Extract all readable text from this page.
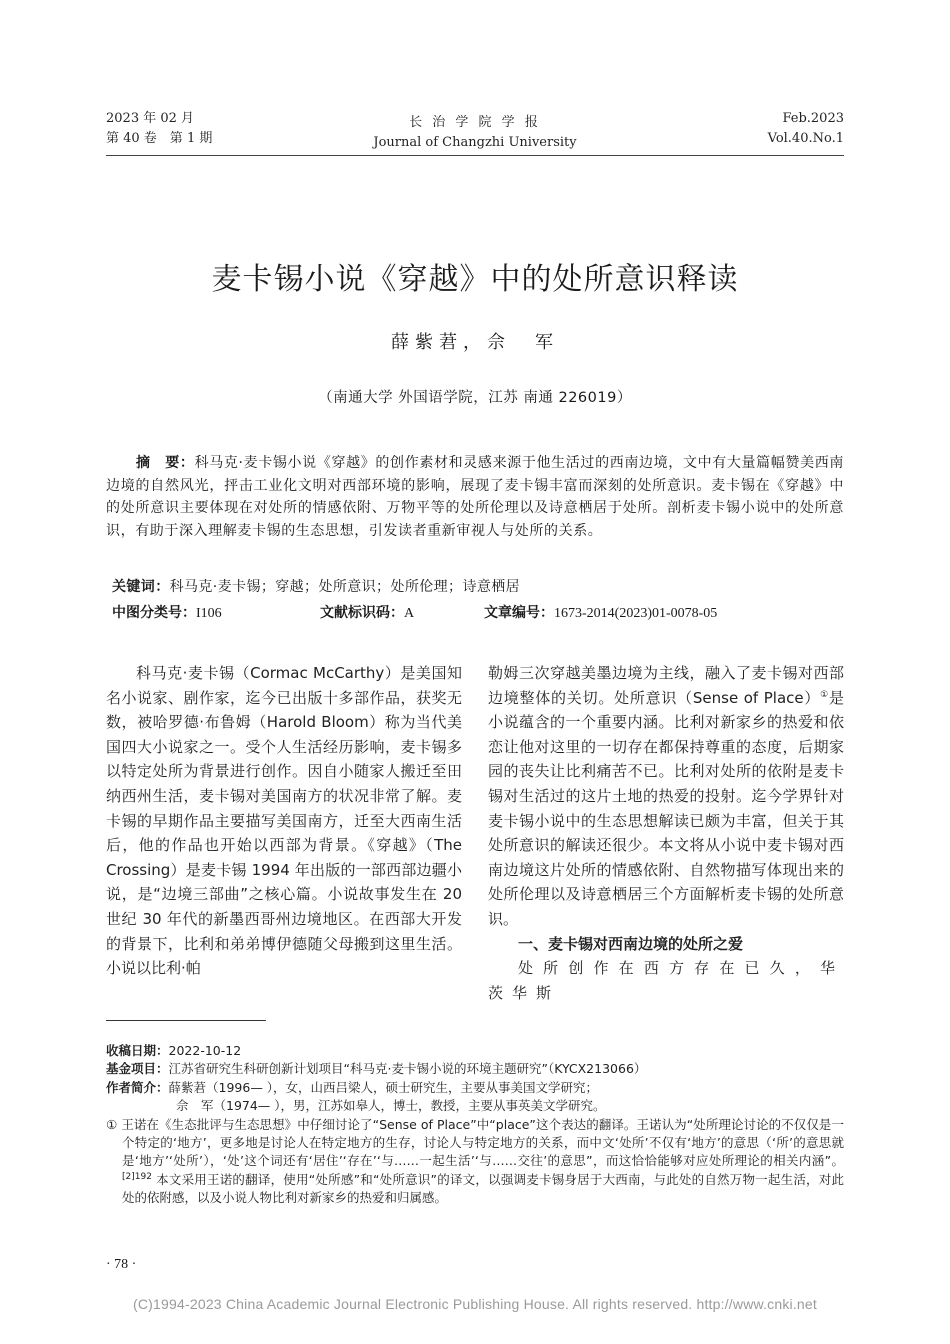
2023 年 02 月
第 40 卷　第 1 期
长 治 学 院 学 报
Journal of Changzhi University
Feb.2023
Vol.40.No.1
麦卡锡小说《穿越》中的处所意识释读
薛紫莙，佘　军
（南通大学 外国语学院，江苏 南通 226019）
摘　要：科马克·麦卡锡小说《穿越》的创作素材和灵感来源于他生活过的西南边境，文中有大量篇幅赞美西南边境的自然风光，抨击工业化文明对西部环境的影响，展现了麦卡锡丰富而深刻的处所意识。麦卡锡在《穿越》中的处所意识主要体现在对处所的情感依附、万物平等的处所伦理以及诗意栖居于处所。剖析麦卡锡小说中的处所意识，有助于深入理解麦卡锡的生态思想，引发读者重新审视人与处所的关系。
关键词：科马克·麦卡锡；穿越；处所意识；处所伦理；诗意栖居
中图分类号：I106	文献标识码：A	文章编号：1673-2014(2023)01-0078-05

科马克·麦卡锡（Cormac McCarthy）是美国知名小说家、剧作家，迄今已出版十多部作品，获奖无数，被哈罗德·布鲁姆（Harold Bloom）称为当代美国四大小说家之一。受个人生活经历影响，麦卡锡多以特定处所为背景进行创作。因自小随家人搬迁至田纳西州生活，麦卡锡对美国南方的状况非常了解。麦卡锡的早期作品主要描写美国南方，迁至大西南生活后，他的作品也开始以西部为背景。《穿越》（The Crossing）是麦卡锡 1994 年出版的一部西部边疆小说，是“边境三部曲”之核心篇。小说故事发生在 20 世纪 30 年代的新墨西哥州边境地区。在西部大开发的背景下，比利和弟弟博伊德随父母搬到这里生活。小说以比利·帕

勒姆三次穿越美墨边境为主线，融入了麦卡锡对西部边境整体的关切。处所意识（Sense of Place）①是小说蕴含的一个重要内涵。比利对新家乡的热爱和依恋让他对这里的一切存在都保持尊重的态度，后期家园的丧失让比利痛苦不已。比利对处所的依附是麦卡锡对生活过的这片土地的热爱的投射。迄今学界针对麦卡锡小说中的生态思想解读已颇为丰富，但关于其处所意识的解读还很少。本文将从小说中麦卡锡对西南边境这片处所的情感依附、自然物描写体现出来的处所伦理以及诗意栖居三个方面解析麦卡锡的处所意识。

一、麦卡锡对西南边境的处所之爱

处所创作在西方存在已久，华茨华斯

收稿日期：2022-10-12

基金项目：江苏省研究生科研创新计划项目“科马克·麦卡锡小说的环境主题研究”（KYCX213066）

作者简介：薛紫莙（1996— ），女，山西吕梁人，硕士研究生，主要从事美国文学研究；

佘　军（1974— ），男，江苏如皋人，博士，教授，主要从事英美文学研究。

① 王诺在《生态批评与生态思想》中仔细讨论了“Sense of Place”中“place”这个表达的翻译。王诺认为“处所理论讨论的不仅仅是一个特定的‘地方’，更多地是讨论人在特定地方的生存，讨论人与特定地方的关系，而中文‘处所’不仅有‘地方’的意思（‘所’的意思就是‘地方’‘处所’），‘处’这个词还有‘居住’‘存在’‘与……一起生活’‘与……交往’的意思”，而这恰恰能够对应处所理论的相关内涵”。$^{[2]192}$ 本文采用王诺的翻译，使用“处所感”和“处所意识”的译文，以强调麦卡锡身居于大西南，与此处的自然万物一起生活，对此处的依附感，以及小说人物比利对新家乡的热爱和归属感。

· 78 ·
(C)1994-2023 China Academic Journal Electronic Publishing House. All rights reserved. http://www.cnki.net
